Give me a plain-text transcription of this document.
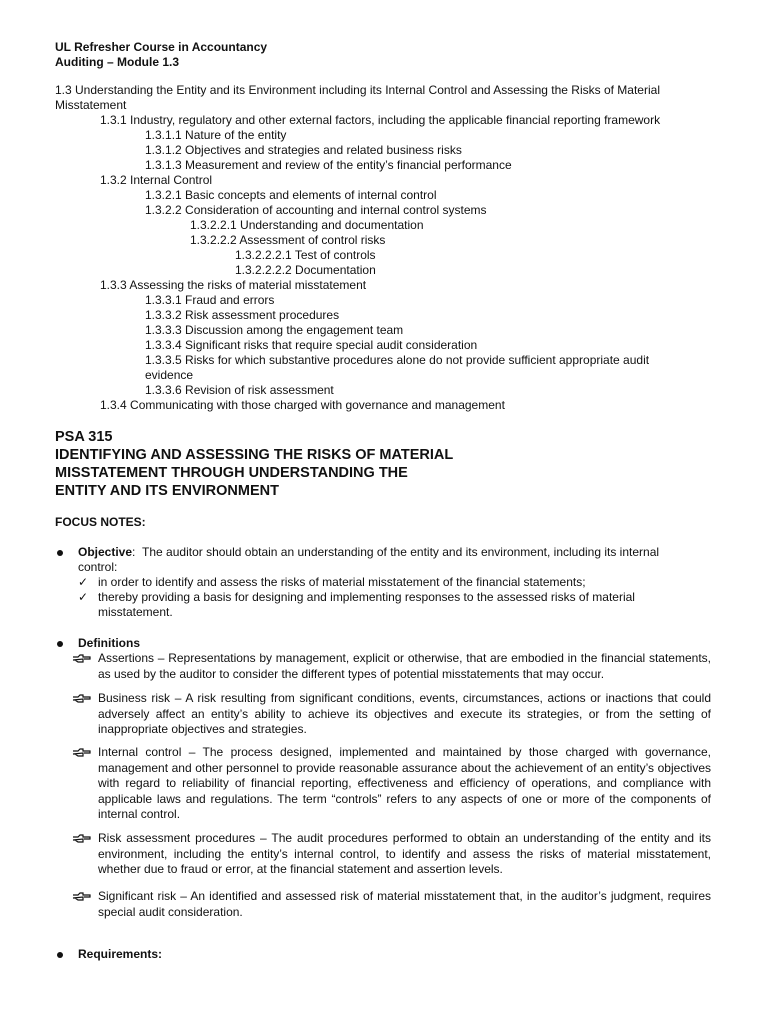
UL Refresher Course in Accountancy
Auditing – Module 1.3
1.3 Understanding the Entity and its Environment including its Internal Control and Assessing the Risks of Material
Misstatement
1.3.1 Industry, regulatory and other external factors, including the applicable financial reporting framework
1.3.1.1 Nature of the entity
1.3.1.2 Objectives and strategies and related business risks
1.3.1.3 Measurement and review of the entity’s financial performance
1.3.2 Internal Control
1.3.2.1 Basic concepts and elements of internal control
1.3.2.2 Consideration of accounting and internal control systems
1.3.2.2.1 Understanding and documentation
1.3.2.2.2 Assessment of control risks
1.3.2.2.2.1 Test of controls
1.3.2.2.2.2 Documentation
1.3.3 Assessing the risks of material misstatement
1.3.3.1 Fraud and errors
1.3.3.2 Risk assessment procedures
1.3.3.3 Discussion among the engagement team
1.3.3.4 Significant risks that require special audit consideration
1.3.3.5 Risks for which substantive procedures alone do not provide sufficient appropriate audit
evidence
1.3.3.6 Revision of risk assessment
1.3.4 Communicating with those charged with governance and management
PSA 315
IDENTIFYING AND ASSESSING THE RISKS OF MATERIAL
MISSTATEMENT THROUGH UNDERSTANDING THE
ENTITY AND ITS ENVIRONMENT
FOCUS NOTES:
Objective:  The auditor should obtain an understanding of the entity and its environment, including its internal
control:
✓ in order to identify and assess the risks of material misstatement of the financial statements;
✓ thereby providing a basis for designing and implementing responses to the assessed risks of material
misstatement.
Definitions
Assertions – Representations by management, explicit or otherwise, that are embodied in the financial statements, as used by the auditor to consider the different types of potential misstatements that may occur.
Business risk – A risk resulting from significant conditions, events, circumstances, actions or inactions that could adversely affect an entity’s ability to achieve its objectives and execute its strategies, or from the setting of inappropriate objectives and strategies.
Internal control – The process designed, implemented and maintained by those charged with governance, management and other personnel to provide reasonable assurance about the achievement of an entity’s objectives with regard to reliability of financial reporting, effectiveness and efficiency of operations, and compliance with applicable laws and regulations. The term “controls” refers to any aspects of one or more of the components of internal control.
Risk assessment procedures – The audit procedures performed to obtain an understanding of the entity and its environment, including the entity’s internal control, to identify and assess the risks of material misstatement, whether due to fraud or error, at the financial statement and assertion levels.
Significant risk – An identified and assessed risk of material misstatement that, in the auditor’s judgment, requires special audit consideration.
Requirements:
